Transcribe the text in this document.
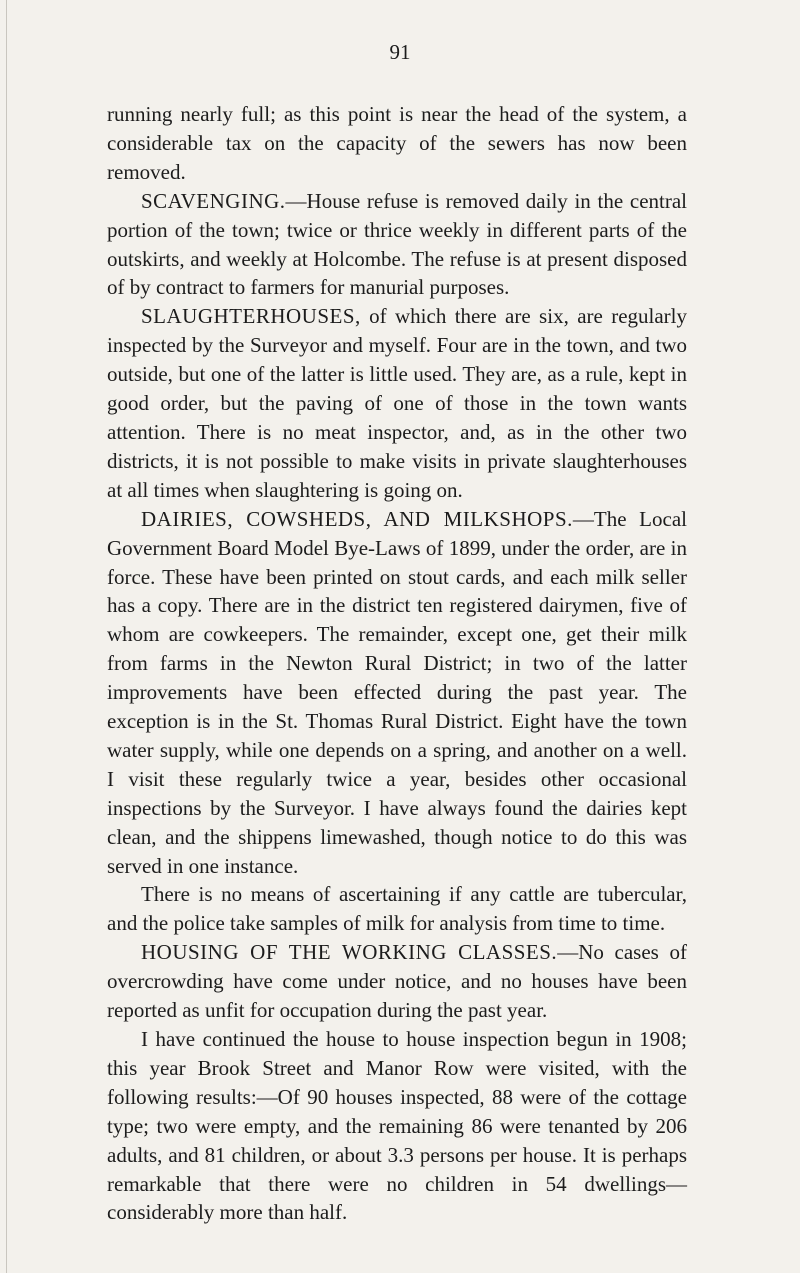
91

running nearly full; as this point is near the head of the system, a considerable tax on the capacity of the sewers has now been removed.

SCAVENGING.—House refuse is removed daily in the central portion of the town; twice or thrice weekly in different parts of the outskirts, and weekly at Holcombe. The refuse is at present disposed of by contract to farmers for manurial purposes.

SLAUGHTERHOUSES, of which there are six, are regularly inspected by the Surveyor and myself. Four are in the town, and two outside, but one of the latter is little used. They are, as a rule, kept in good order, but the paving of one of those in the town wants attention. There is no meat inspector, and, as in the other two districts, it is not possible to make visits in private slaughterhouses at all times when slaughtering is going on.

DAIRIES, COWSHEDS, AND MILKSHOPS.—The Local Government Board Model Bye-Laws of 1899, under the order, are in force. These have been printed on stout cards, and each milk seller has a copy. There are in the district ten registered dairymen, five of whom are cowkeepers. The remainder, except one, get their milk from farms in the Newton Rural District; in two of the latter improvements have been effected during the past year. The exception is in the St. Thomas Rural District. Eight have the town water supply, while one depends on a spring, and another on a well. I visit these regularly twice a year, besides other occasional inspections by the Surveyor. I have always found the dairies kept clean, and the shippens limewashed, though notice to do this was served in one instance.

There is no means of ascertaining if any cattle are tubercular, and the police take samples of milk for analysis from time to time.

HOUSING OF THE WORKING CLASSES.—No cases of overcrowding have come under notice, and no houses have been reported as unfit for occupation during the past year.

I have continued the house to house inspection begun in 1908; this year Brook Street and Manor Row were visited, with the following results:—Of 90 houses inspected, 88 were of the cottage type; two were empty, and the remaining 86 were tenanted by 206 adults, and 81 children, or about 3.3 persons per house. It is perhaps remarkable that there were no children in 54 dwellings—considerably more than half.
